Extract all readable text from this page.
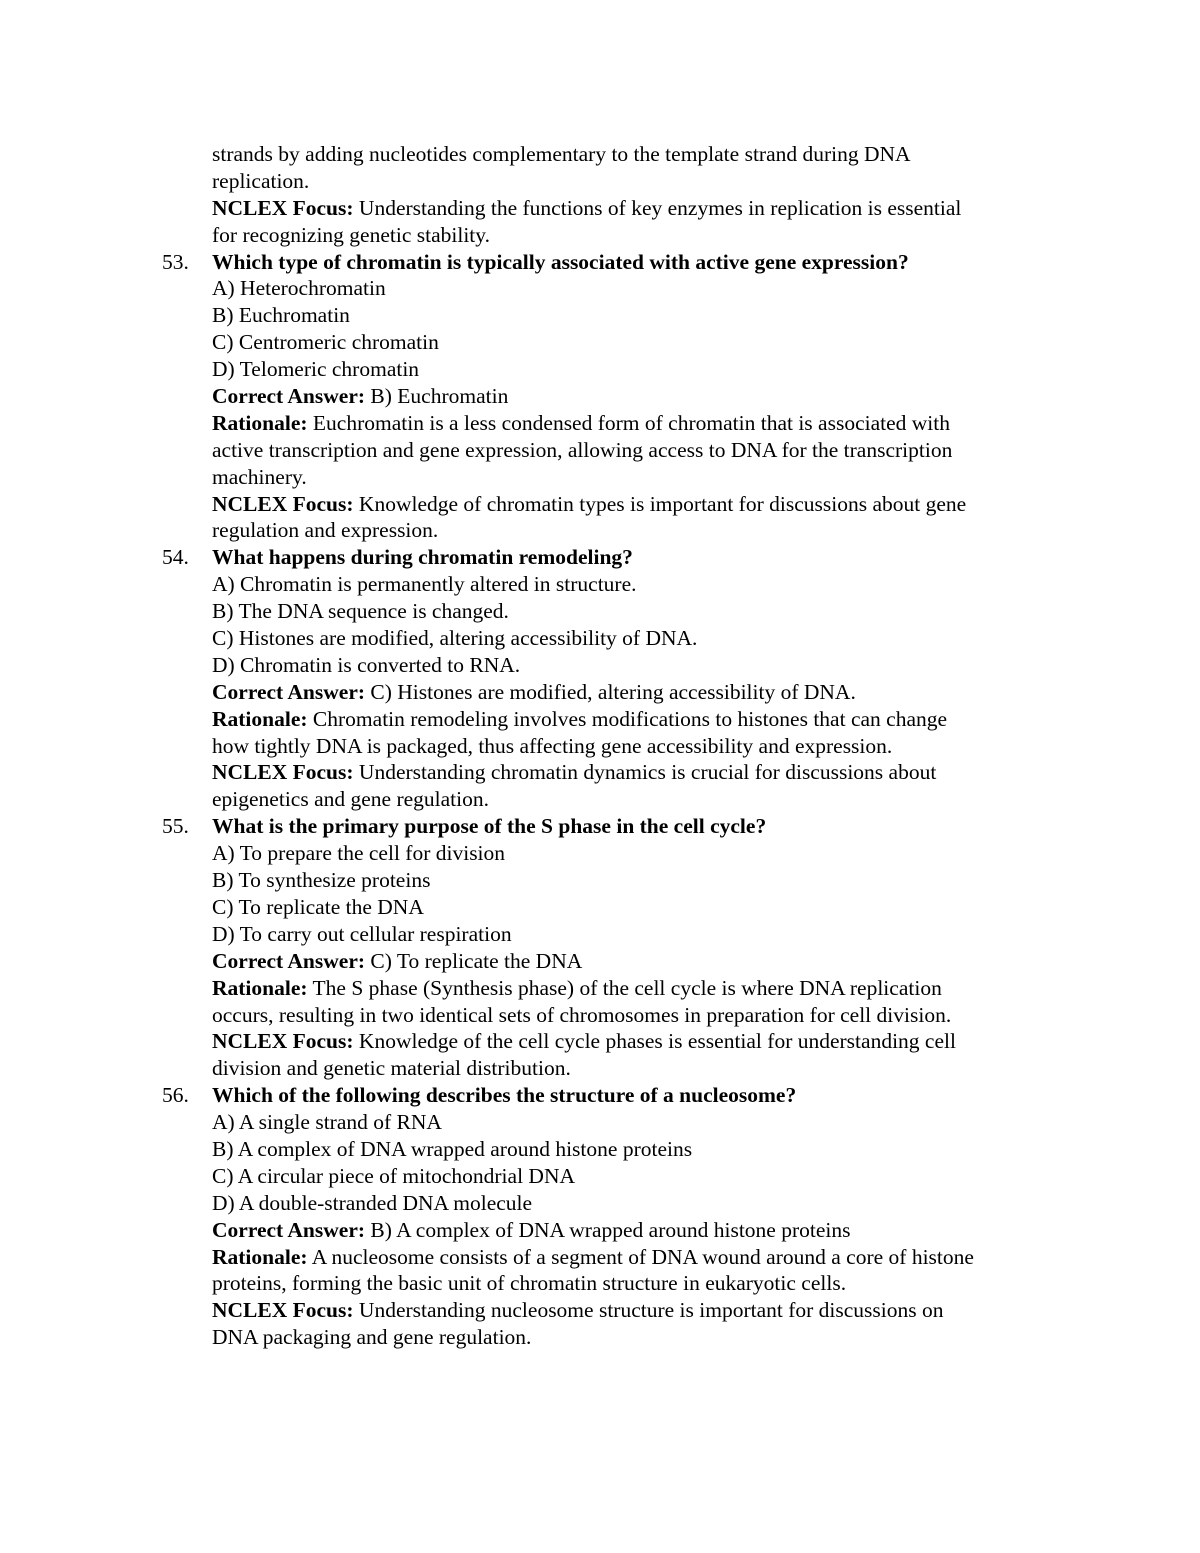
strands by adding nucleotides complementary to the template strand during DNA
replication.
NCLEX Focus: Understanding the functions of key enzymes in replication is essential
for recognizing genetic stability.
53. Which type of chromatin is typically associated with active gene expression?
A) Heterochromatin
B) Euchromatin
C) Centromeric chromatin
D) Telomeric chromatin
Correct Answer: B) Euchromatin
Rationale: Euchromatin is a less condensed form of chromatin that is associated with
active transcription and gene expression, allowing access to DNA for the transcription
machinery.
NCLEX Focus: Knowledge of chromatin types is important for discussions about gene
regulation and expression.
54. What happens during chromatin remodeling?
A) Chromatin is permanently altered in structure.
B) The DNA sequence is changed.
C) Histones are modified, altering accessibility of DNA.
D) Chromatin is converted to RNA.
Correct Answer: C) Histones are modified, altering accessibility of DNA.
Rationale: Chromatin remodeling involves modifications to histones that can change
how tightly DNA is packaged, thus affecting gene accessibility and expression.
NCLEX Focus: Understanding chromatin dynamics is crucial for discussions about
epigenetics and gene regulation.
55. What is the primary purpose of the S phase in the cell cycle?
A) To prepare the cell for division
B) To synthesize proteins
C) To replicate the DNA
D) To carry out cellular respiration
Correct Answer: C) To replicate the DNA
Rationale: The S phase (Synthesis phase) of the cell cycle is where DNA replication
occurs, resulting in two identical sets of chromosomes in preparation for cell division.
NCLEX Focus: Knowledge of the cell cycle phases is essential for understanding cell
division and genetic material distribution.
56. Which of the following describes the structure of a nucleosome?
A) A single strand of RNA
B) A complex of DNA wrapped around histone proteins
C) A circular piece of mitochondrial DNA
D) A double-stranded DNA molecule
Correct Answer: B) A complex of DNA wrapped around histone proteins
Rationale: A nucleosome consists of a segment of DNA wound around a core of histone
proteins, forming the basic unit of chromatin structure in eukaryotic cells.
NCLEX Focus: Understanding nucleosome structure is important for discussions on
DNA packaging and gene regulation.
